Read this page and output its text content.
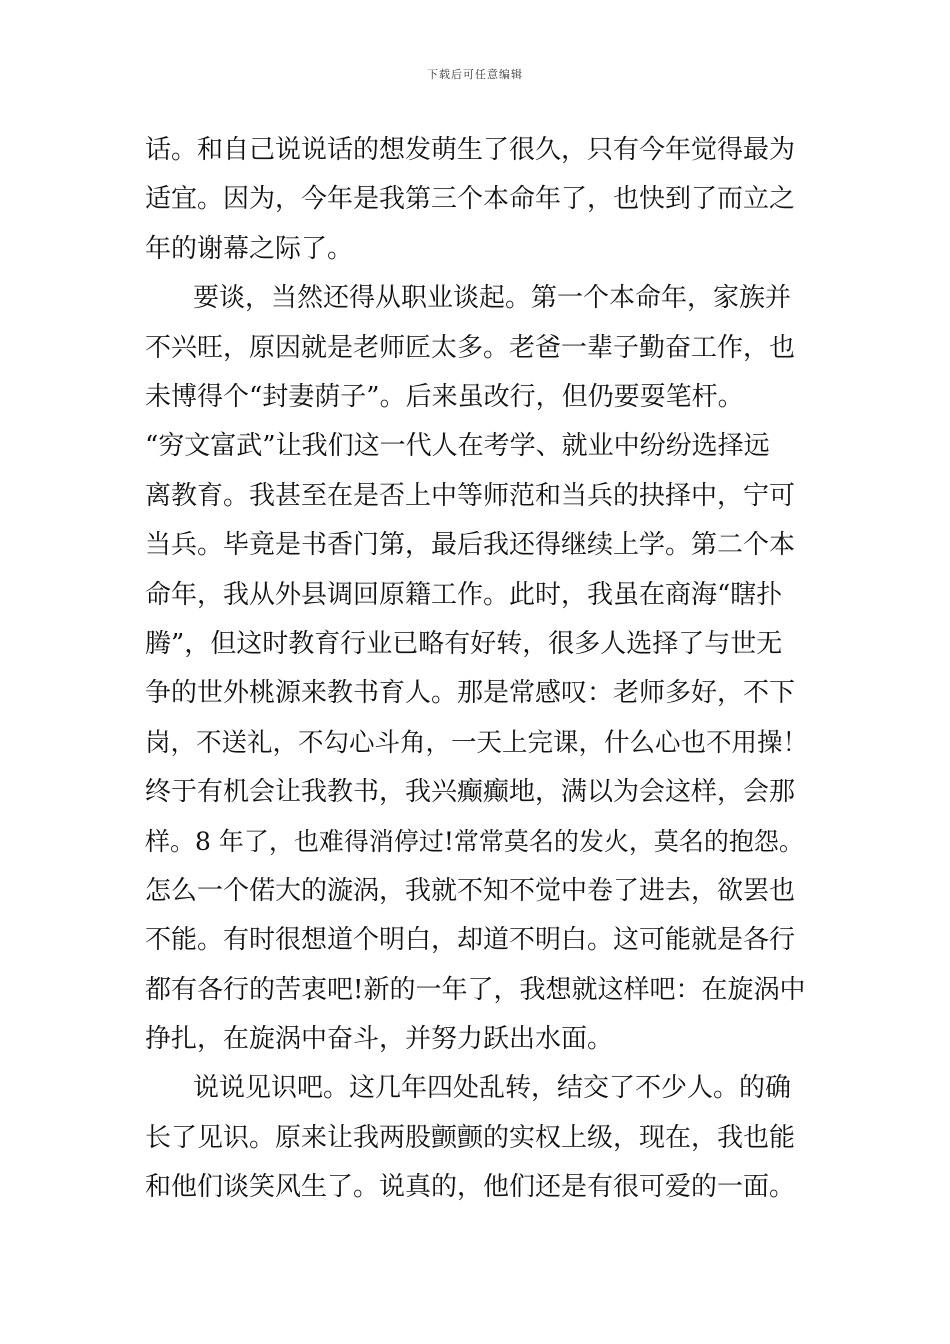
下载后可任意编辑
话。和自己说说话的想发萌生了很久，只有今年觉得最为
适宜。因为，今年是我第三个本命年了，也快到了而立之
年的谢幕之际了。
要谈，当然还得从职业谈起。第一个本命年，家族并
不兴旺，原因就是老师匠太多。老爸一辈子勤奋工作，也
未博得个“封妻荫子”。后来虽改行，但仍要耍笔杆。
“穷文富武”让我们这一代人在考学、就业中纷纷选择远
离教育。我甚至在是否上中等师范和当兵的抉择中，宁可
当兵。毕竟是书香门第，最后我还得继续上学。第二个本
命年，我从外县调回原籍工作。此时，我虽在商海“瞎扑
腾”，但这时教育行业已略有好转，很多人选择了与世无
争的世外桃源来教书育人。那是常感叹：老师多好，不下
岗，不送礼，不勾心斗角，一天上完课，什么心也不用操！
终于有机会让我教书，我兴癫癫地，满以为会这样，会那
样。8 年了，也难得消停过!常常莫名的发火，莫名的抱怨。
怎么一个偌大的漩涡，我就不知不觉中卷了进去，欲罢也
不能。有时很想道个明白，却道不明白。这可能就是各行
都有各行的苦衷吧!新的一年了，我想就这样吧：在旋涡中
挣扎，在旋涡中奋斗，并努力跃出水面。
说说见识吧。这几年四处乱转，结交了不少人。的确
长了见识。原来让我两股颤颤的实权上级，现在，我也能
和他们谈笑风生了。说真的，他们还是有很可爱的一面。
